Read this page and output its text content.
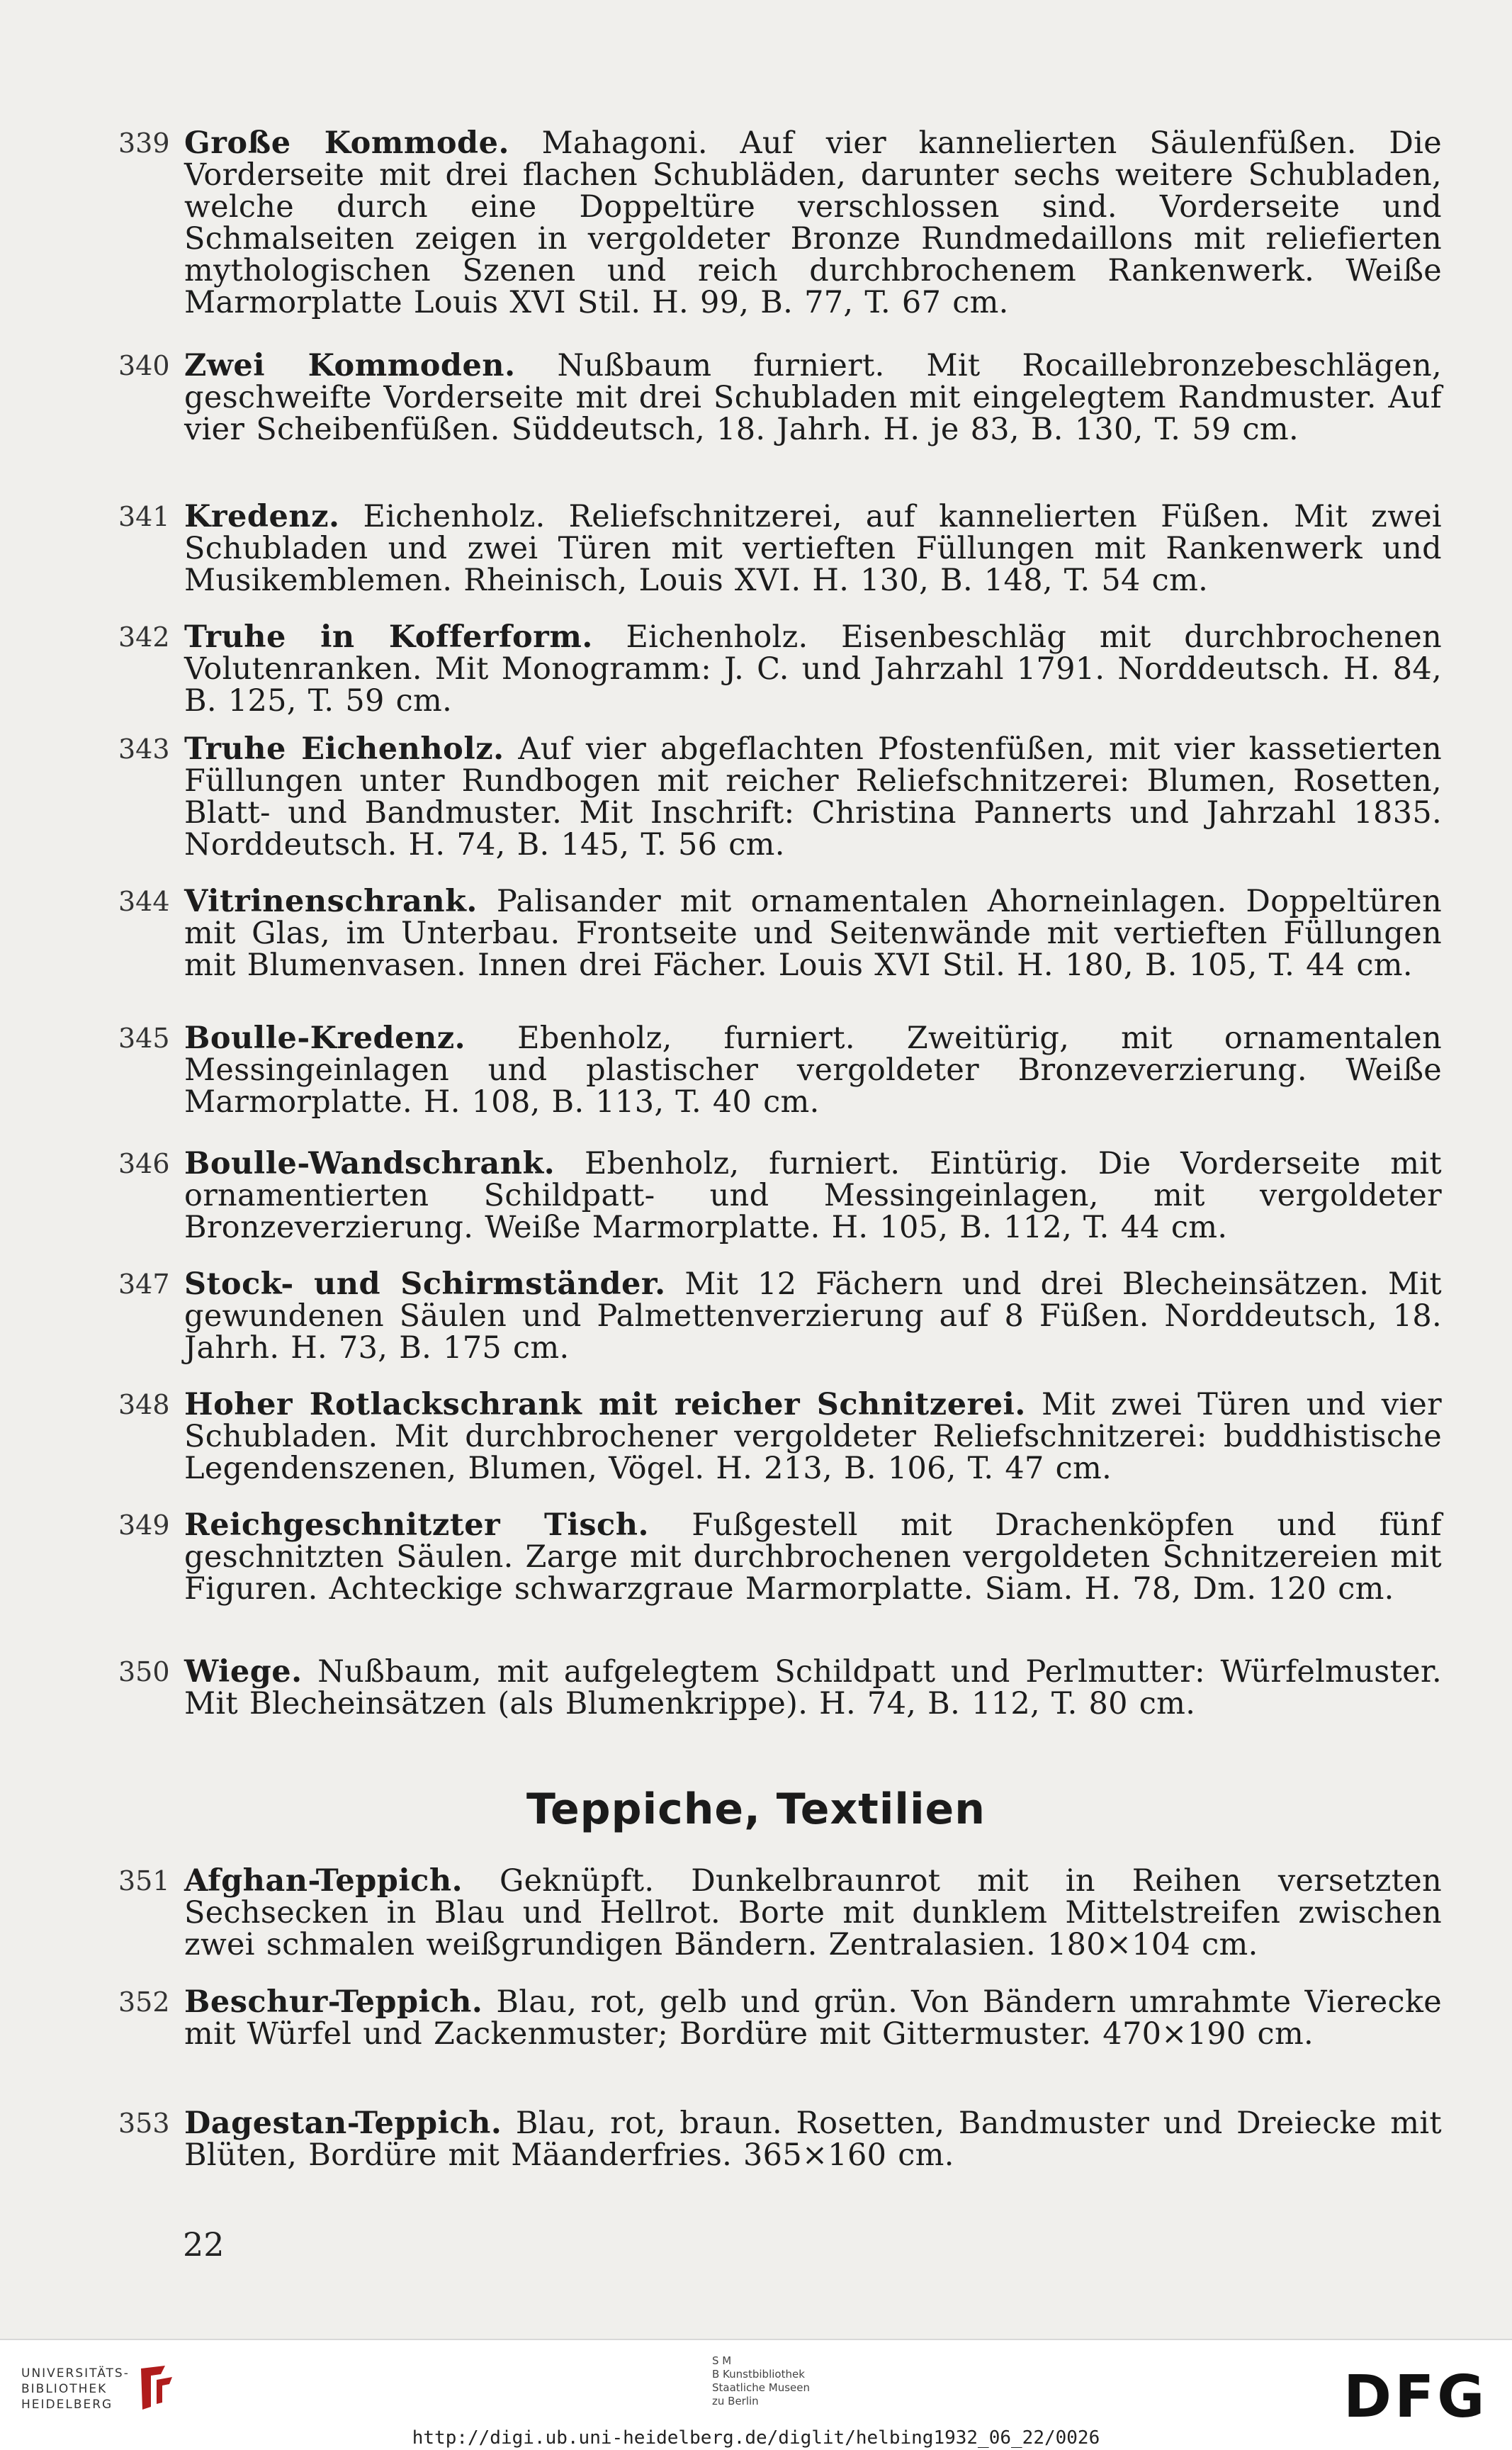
339 Große Kommode. Mahagoni. Auf vier kannelierten Säulenfüßen. Die Vorderseite mit drei flachen Schubläden, darunter sechs weitere Schubladen, welche durch eine Doppeltüre verschlossen sind. Vorderseite und Schmalseiten zeigen in vergoldeter Bronze Rundmedaillons mit reliefierten mythologischen Szenen und reich durchbrochenem Rankenwerk. Weiße Marmorplatte Louis XVI Stil. H. 99, B. 77, T. 67 cm.
340 Zwei Kommoden. Nußbaum furniert. Mit Rocaillebronzebeschlägen, geschweifte Vorderseite mit drei Schubladen mit eingelegtem Randmuster. Auf vier Scheibenfüßen. Süddeutsch, 18. Jahrh. H. je 83, B. 130, T. 59 cm.
341 Kredenz. Eichenholz. Reliefschnitzerei, auf kannelierten Füßen. Mit zwei Schubladen und zwei Türen mit vertieften Füllungen mit Rankenwerk und Musikemblemen. Rheinisch, Louis XVI. H. 130, B. 148, T. 54 cm.
342 Truhe in Kofferform. Eichenholz. Eisenbeschläg mit durchbrochenen Volutenranken. Mit Monogramm: J. C. und Jahrzahl 1791. Norddeutsch. H. 84, B. 125, T. 59 cm.
343 Truhe Eichenholz. Auf vier abgeflachten Pfostenfüßen, mit vier kassetierten Füllungen unter Rundbogen mit reicher Reliefschnitzerei: Blumen, Rosetten, Blatt- und Bandmuster. Mit Inschrift: Christina Pannerts und Jahrzahl 1835. Norddeutsch. H. 74, B. 145, T. 56 cm.
344 Vitrinenschrank. Palisander mit ornamentalen Ahorneinlagen. Doppeltüren mit Glas, im Unterbau. Frontseite und Seitenwände mit vertieften Füllungen mit Blumenvasen. Innen drei Fächer. Louis XVI Stil. H. 180, B. 105, T. 44 cm.
345 Boulle-Kredenz. Ebenholz, furniert. Zweitürig, mit ornamentalen Messingeinlagen und plastischer vergoldeter Bronzeverzierung. Weiße Marmorplatte. H. 108, B. 113, T. 40 cm.
346 Boulle-Wandschrank. Ebenholz, furniert. Eintürig. Die Vorderseite mit ornamentierten Schildpatt- und Messingeinlagen, mit vergoldeter Bronzeverzierung. Weiße Marmorplatte. H. 105, B. 112, T. 44 cm.
347 Stock- und Schirmständer. Mit 12 Fächern und drei Blecheinsätzen. Mit gewundenen Säulen und Palmettenverzierung auf 8 Füßen. Norddeutsch, 18. Jahrh. H. 73, B. 175 cm.
348 Hoher Rotlackschrank mit reicher Schnitzerei. Mit zwei Türen und vier Schubladen. Mit durchbrochener vergoldeter Reliefschnitzerei: buddhistische Legendenszenen, Blumen, Vögel. H. 213, B. 106, T. 47 cm.
349 Reichgeschnitzter Tisch. Fußgestell mit Drachenköpfen und fünf geschnitzten Säulen. Zarge mit durchbrochenen vergoldeten Schnitzereien mit Figuren. Achteckige schwarzgraue Marmorplatte. Siam. H. 78, Dm. 120 cm.
350 Wiege. Nußbaum, mit aufgelegtem Schildpatt und Perlmutter: Würfelmuster. Mit Blecheinsätzen (als Blumenkrippe). H. 74, B. 112, T. 80 cm.
Teppiche, Textilien
351 Afghan-Teppich. Geknüpft. Dunkelbraunrot mit in Reihen versetzten Sechsecken in Blau und Hellrot. Borte mit dunklem Mittelstreifen zwischen zwei schmalen weißgrundigen Bändern. Zentralasien. 180×104 cm.
352 Beschur-Teppich. Blau, rot, gelb und grün. Von Bändern umrahmte Vierecke mit Würfel und Zackenmuster; Bordüre mit Gittermuster. 470×190 cm.
353 Dagestan-Teppich. Blau, rot, braun. Rosetten, Bandmuster und Dreiecke mit Blüten, Bordüre mit Mäanderfries. 365×160 cm.
22
UNIVERSITÄTS-
BIBLIOTHEK
HEIDELBERG
S M
B Kunstbibliothek
Staatliche Museen
zu Berlin	DFG
http://digi.ub.uni-heidelberg.de/diglit/helbing1932_06_22/0026
